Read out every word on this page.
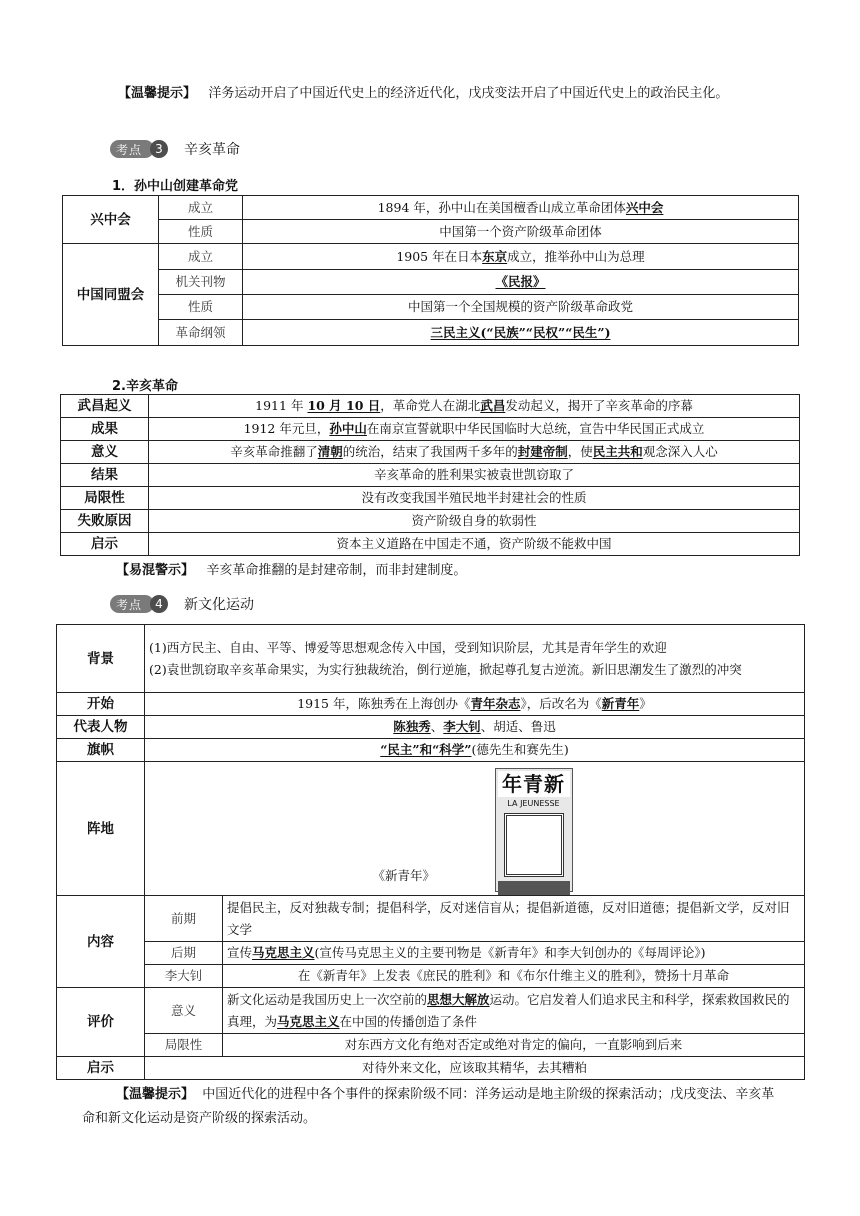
【温馨提示】 洋务运动开启了中国近代史上的经济近代化，戊戌变法开启了中国近代史上的政治民主化。
3
考点	辛亥革命
1．孙中山创建革命党
兴中会	成立	1894 年，孙中山在美国檀香山成立革命团体兴中会
	性质	中国第一个资产阶级革命团体
中国同盟会	成立	1905 年在日本东京成立，推举孙中山为总理
	机关刊物	《民报》
	性质	中国第一个全国规模的资产阶级革命政党
	革命纲领	三民主义(“民族”“民权”“民生”)
2.辛亥革命
武昌起义	1911 年 10 月 10 日，革命党人在湖北武昌发动起义，揭开了辛亥革命的序幕
成果	1912 年元旦，孙中山在南京宣誓就职中华民国临时大总统，宣告中华民国正式成立
意义	辛亥革命推翻了清朝的统治，结束了我国两千多年的封建帝制，使民主共和观念深入人心
结果	辛亥革命的胜利果实被袁世凯窃取了
局限性	没有改变我国半殖民地半封建社会的性质
失败原因	资产阶级自身的软弱性
启示	资本主义道路在中国走不通，资产阶级不能救中国
【易混警示】 辛亥革命推翻的是封建帝制，而非封建制度。
4
考点	新文化运动
背景	(1)西方民主、自由、平等、博爱等思想观念传入中国，受到知识阶层，尤其是青年学生的欢迎
(2)袁世凯窃取辛亥革命果实，为实行独裁统治，倒行逆施，掀起尊孔复古逆流。新旧思潮发生了激烈的冲突	

开始	1915 年，陈独秀在上海创办《青年杂志》，后改名为《新青年》	
代表人物	陈独秀、李大钊、胡适、鲁迅	
旗帜	“民主”和“科学”(德先生和赛先生)	
阵地	《新青年》
年青新
LA JEUNESSE	

内容	前期	提倡民主，反对独裁专制；提倡科学，反对迷信盲从；提倡新道德，反对旧道德；提倡新文学，反对旧文学
	后期	宣传马克思主义(宣传马克思主义的主要刊物是《新青年》和李大钊创办的《每周评论》)
	李大钊	在《新青年》上发表《庶民的胜利》和《布尔什维主义的胜利》，赞扬十月革命
评价	意义	新文化运动是我国历史上一次空前的思想大解放运动。它启发着人们追求民主和科学，探索救国救民的真理，为马克思主义在中国的传播创造了条件
	局限性	对东西方文化有绝对否定或绝对肯定的偏向，一直影响到后来
启示	对待外来文化，应该取其精华，去其糟粕	
【温馨提示】 中国近代化的进程中各个事件的探索阶级不同：洋务运动是地主阶级的探索活动；戊戌变法、辛亥革命和新文化运动是资产阶级的探索活动。
